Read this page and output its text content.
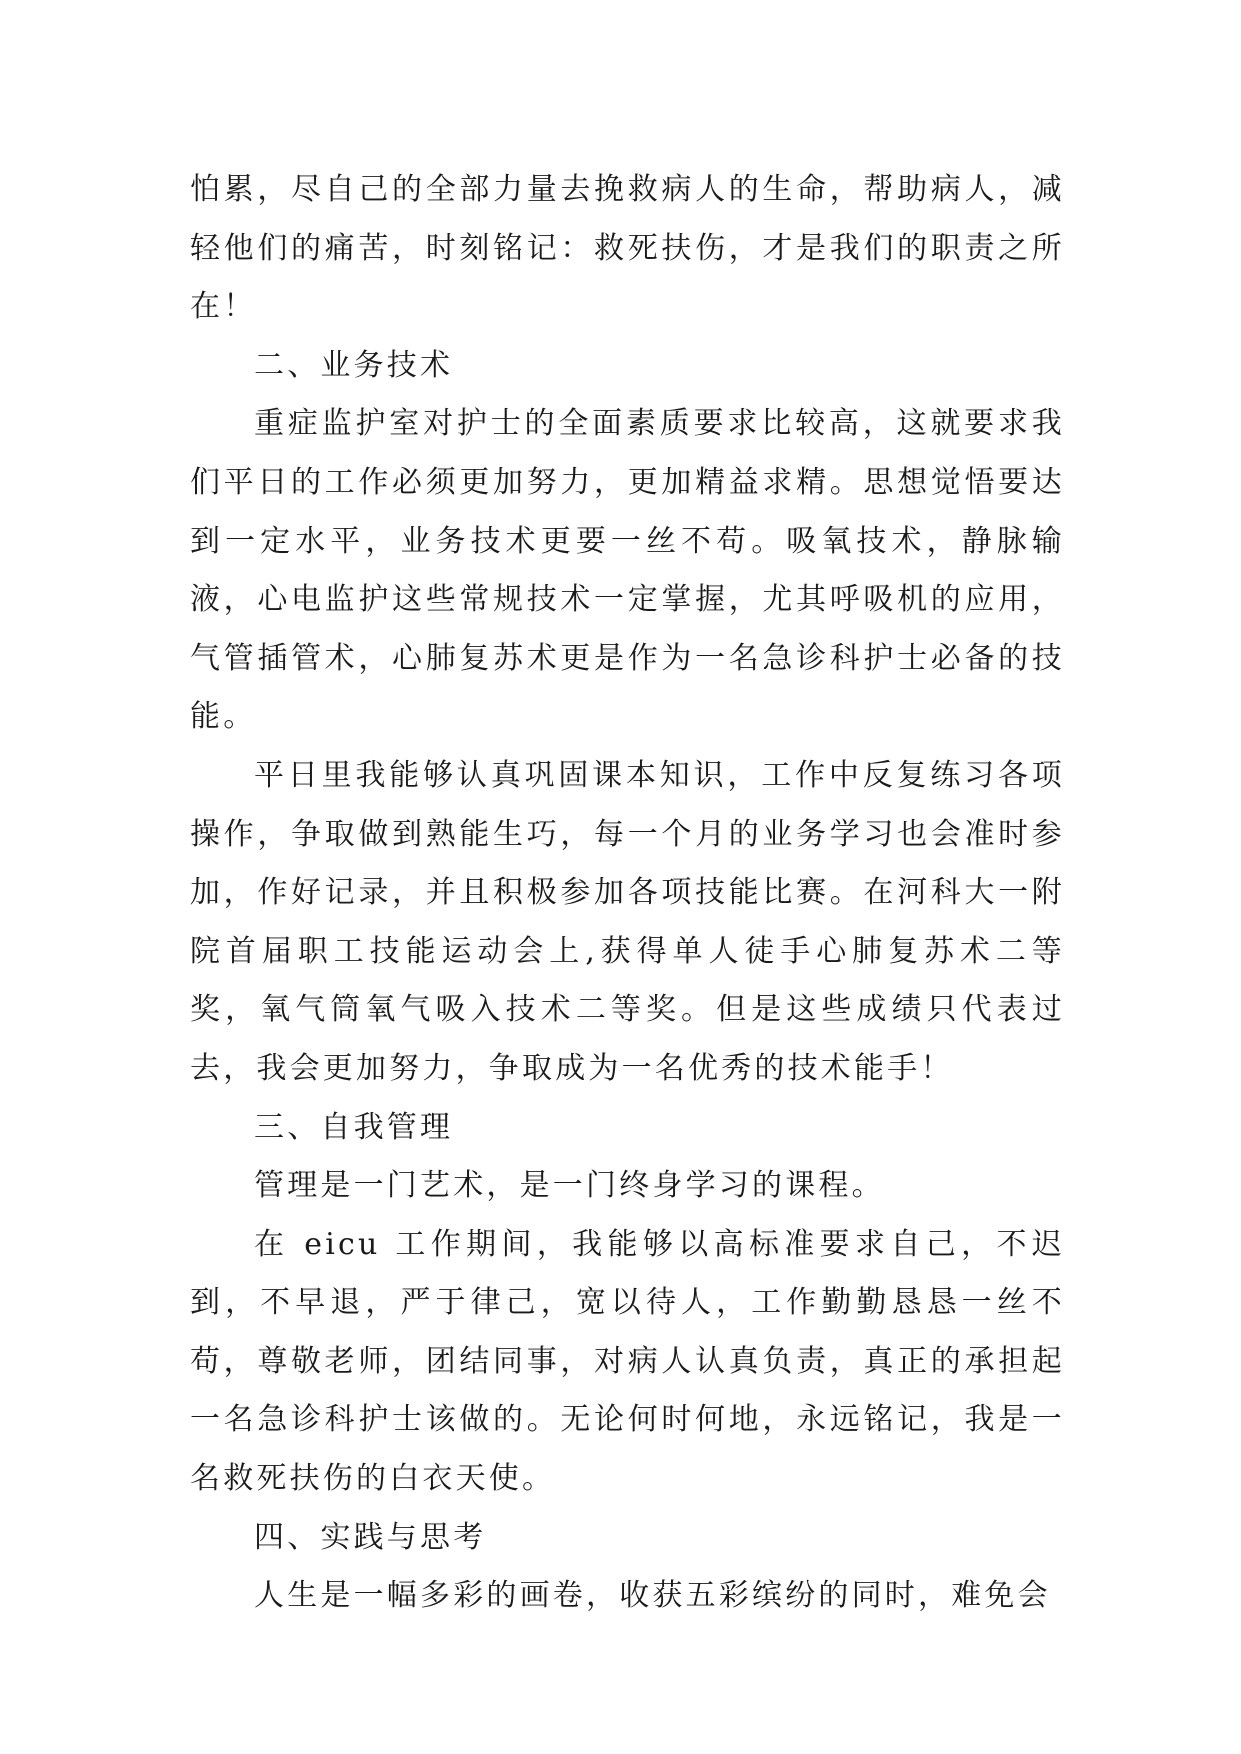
怕累，尽自己的全部力量去挽救病人的生命，帮助病人，减轻他们的痛苦，时刻铭记：救死扶伤，才是我们的职责之所在！

二、业务技术

重症监护室对护士的全面素质要求比较高，这就要求我们平日的工作必须更加努力，更加精益求精。思想觉悟要达到一定水平，业务技术更要一丝不苟。吸氧技术，静脉输液，心电监护这些常规技术一定掌握，尤其呼吸机的应用，气管插管术，心肺复苏术更是作为一名急诊科护士必备的技能。

平日里我能够认真巩固课本知识，工作中反复练习各项操作，争取做到熟能生巧，每一个月的业务学习也会准时参加，作好记录，并且积极参加各项技能比赛。在河科大一附院首届职工技能运动会上,获得单人徒手心肺复苏术二等奖，氧气筒氧气吸入技术二等奖。但是这些成绩只代表过去，我会更加努力，争取成为一名优秀的技术能手！

三、自我管理

管理是一门艺术，是一门终身学习的课程。

在 eicu 工作期间，我能够以高标准要求自己，不迟到，不早退，严于律己，宽以待人，工作勤勤恳恳一丝不苟，尊敬老师，团结同事，对病人认真负责，真正的承担起一名急诊科护士该做的。无论何时何地，永远铭记，我是一名救死扶伤的白衣天使。

四、实践与思考

人生是一幅多彩的画卷，收获五彩缤纷的同时，难免会
